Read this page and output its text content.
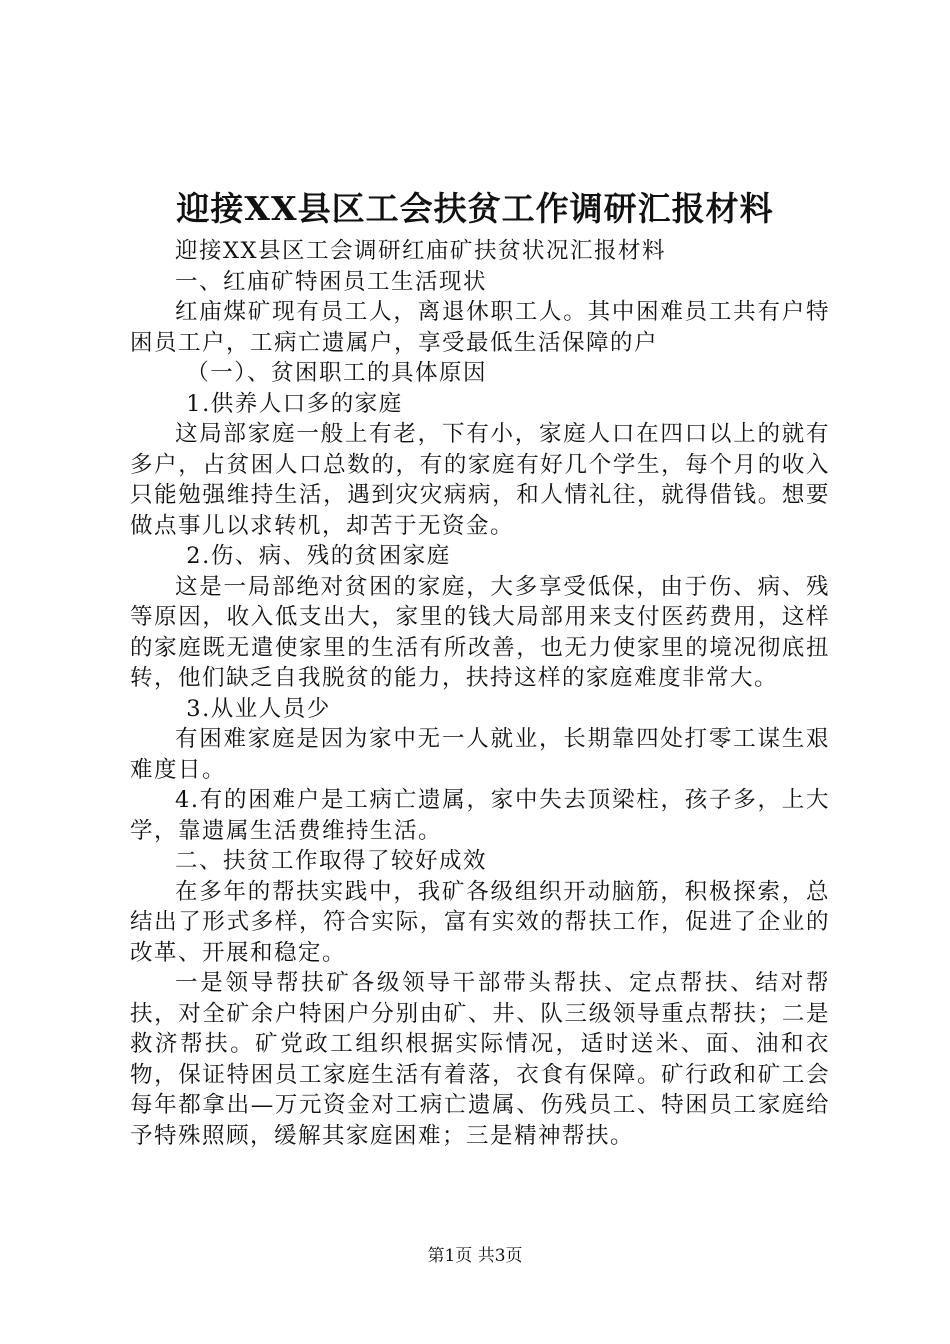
迎接XX县区工会扶贫工作调研汇报材料

迎接XX县区工会调研红庙矿扶贫状况汇报材料

一、红庙矿特困员工生活现状

红庙煤矿现有员工人，离退休职工人。其中困难员工共有户特困员工户，工病亡遗属户，享受最低生活保障的户

（一）、贫困职工的具体原因

1.供养人口多的家庭

这局部家庭一般上有老，下有小，家庭人口在四口以上的就有多户，占贫困人口总数的，有的家庭有好几个学生，每个月的收入只能勉强维持生活，遇到灾灾病病，和人情礼往，就得借钱。想要做点事儿以求转机，却苦于无资金。

2.伤、病、残的贫困家庭

这是一局部绝对贫困的家庭，大多享受低保，由于伤、病、残等原因，收入低支出大，家里的钱大局部用来支付医药费用，这样的家庭既无遣使家里的生活有所改善，也无力使家里的境况彻底扭转，他们缺乏自我脱贫的能力，扶持这样的家庭难度非常大。

3.从业人员少

有困难家庭是因为家中无一人就业，长期靠四处打零工谋生艰难度日。

4.有的困难户是工病亡遗属，家中失去顶梁柱，孩子多，上大学，靠遗属生活费维持生活。

二、扶贫工作取得了较好成效

在多年的帮扶实践中，我矿各级组织开动脑筋，积极探索，总结出了形式多样，符合实际，富有实效的帮扶工作，促进了企业的改革、开展和稳定。

一是领导帮扶矿各级领导干部带头帮扶、定点帮扶、结对帮扶，对全矿余户特困户分别由矿、井、队三级领导重点帮扶；二是救济帮扶。矿党政工组织根据实际情况，适时送米、面、油和衣物，保证特困员工家庭生活有着落，衣食有保障。矿行政和矿工会每年都拿出—万元资金对工病亡遗属、伤残员工、特困员工家庭给予特殊照顾，缓解其家庭困难；三是精神帮扶。

第1页 共3页
